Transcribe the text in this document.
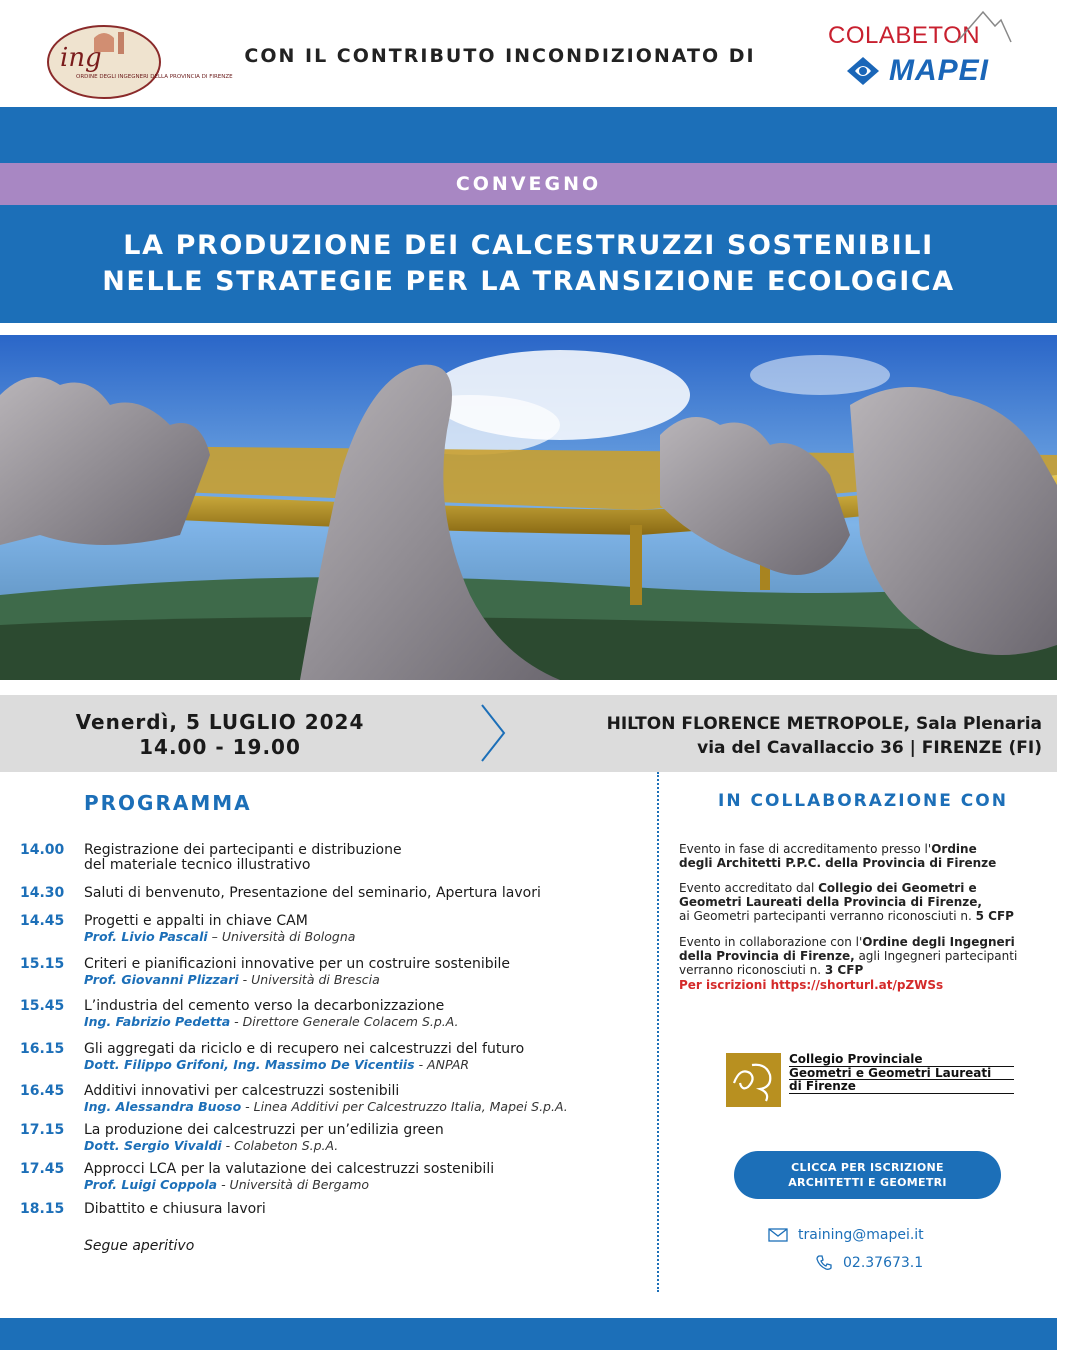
ing
ORDINE DEGLI INGEGNERI DELLA PROVINCIA DI FIRENZE
CON IL CONTRIBUTO INCONDIZIONATO DI
COLABETON
MAPEI
CONVEGNO
LA PRODUZIONE DEI CALCESTRUZZI SOSTENIBILI
NELLE STRATEGIE PER LA TRANSIZIONE ECOLOGICA
Venerdì, 5 LUGLIO 2024
14.00 - 19.00
HILTON FLORENCE METROPOLE, Sala Plenaria
via del Cavallaccio 36 | FIRENZE (FI)
PROGRAMMA
14.00 Registrazione dei partecipanti e distribuzione
del materiale tecnico illustrativo
14.30 Saluti di benvenuto, Presentazione del seminario, Apertura lavori
14.45 Progetti e appalti in chiave CAM
Prof. Livio Pascali – Università di Bologna
15.15 Criteri e pianificazioni innovative per un costruire sostenibile
Prof. Giovanni Plizzari - Università di Brescia
15.45 L’industria del cemento verso la decarbonizzazione
Ing. Fabrizio Pedetta - Direttore Generale Colacem S.p.A.
16.15 Gli aggregati da riciclo e di recupero nei calcestruzzi del futuro
Dott. Filippo Grifoni, Ing. Massimo De Vicentiis - ANPAR
16.45 Additivi innovativi per calcestruzzi sostenibili
Ing. Alessandra Buoso - Linea Additivi per Calcestruzzo Italia, Mapei S.p.A.
17.15 La produzione dei calcestruzzi per un’edilizia green
Dott. Sergio Vivaldi - Colabeton S.p.A.
17.45 Approcci LCA per la valutazione dei calcestruzzi sostenibili
Prof. Luigi Coppola - Università di Bergamo
18.15 Dibattito e chiusura lavori
Segue aperitivo
IN COLLABORAZIONE CON
Evento in fase di accreditamento presso l'Ordine
degli Architetti P.P.C. della Provincia di Firenze
Evento accreditato dal Collegio dei Geometri e
Geometri Laureati della Provincia di Firenze,
ai Geometri partecipanti verranno riconosciuti n. 5 CFP
Evento in collaborazione con l'Ordine degli Ingegneri
della Provincia di Firenze, agli Ingegneri partecipanti
verranno riconosciuti n. 3 CFP
Per iscrizioni https://shorturl.at/pZWSs
Collegio Provinciale
Geometri e Geometri Laureati
di Firenze
CLICCA PER ISCRIZIONE
ARCHITETTI E GEOMETRI
training@mapei.it
02.37673.1
